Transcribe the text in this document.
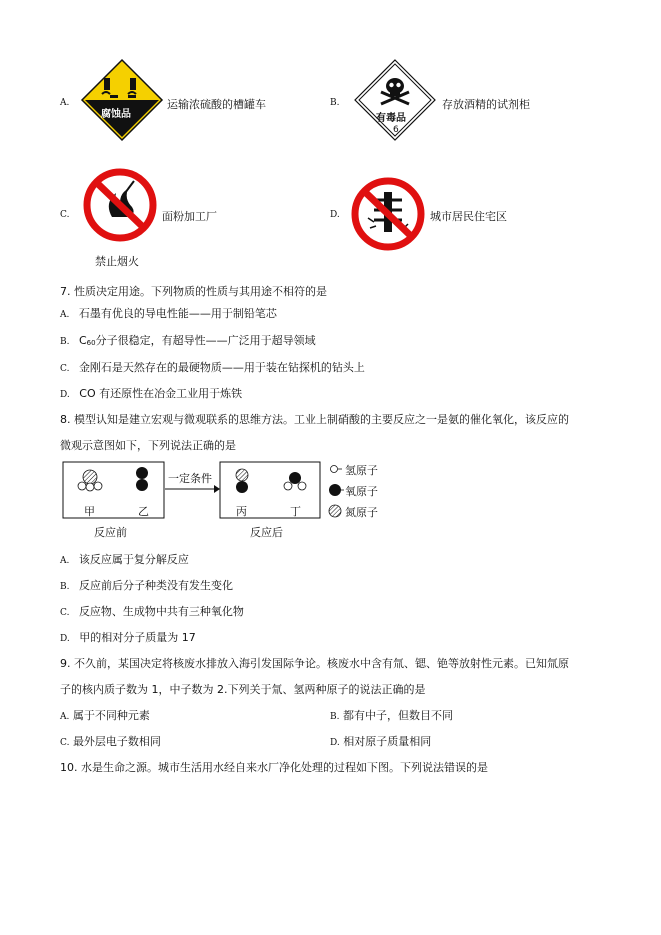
A.
腐蚀品
运输浓硫酸的槽罐车	B.
有毒品
6
存放酒精的试剂柜
C.
禁止烟火
面粉加工厂	D.	城市居民住宅区
7. 性质决定用途。下列物质的性质与其用途不相符的是
A. 石墨有优良的导电性能——用于制铅笔芯
B. $C_{60}$分子很稳定，有超导性——广泛用于超导领域
C. 金刚石是天然存在的最硬物质——用于装在钻探机的钻头上
D. CO 有还原性在冶金工业用于炼铁
8. 模型认知是建立宏观与微观联系的思维方法。工业上制硝酸的主要反应之一是氨的催化氧化，该反应的
微观示意图如下，下列说法正确的是
甲	乙	丙	丁
一定条件
反应前	反应后
氢原子
氧原子
氮原子
A. 该反应属于复分解反应
B. 反应前后分子种类没有发生变化
C. 反应物、生成物中共有三种氧化物
D. 甲的相对分子质量为 17
9. 不久前，某国决定将核废水排放入海引发国际争论。核废水中含有氚、锶、铯等放射性元素。已知氚原
子的核内质子数为 1，中子数为 2.下列关于氚、氢两种原子的说法正确的是
A. 属于不同种元素	B. 都有中子，但数目不同
C. 最外层电子数相同	D. 相对原子质量相同
10. 水是生命之源。城市生活用水经自来水厂净化处理的过程如下图。下列说法错误的是
